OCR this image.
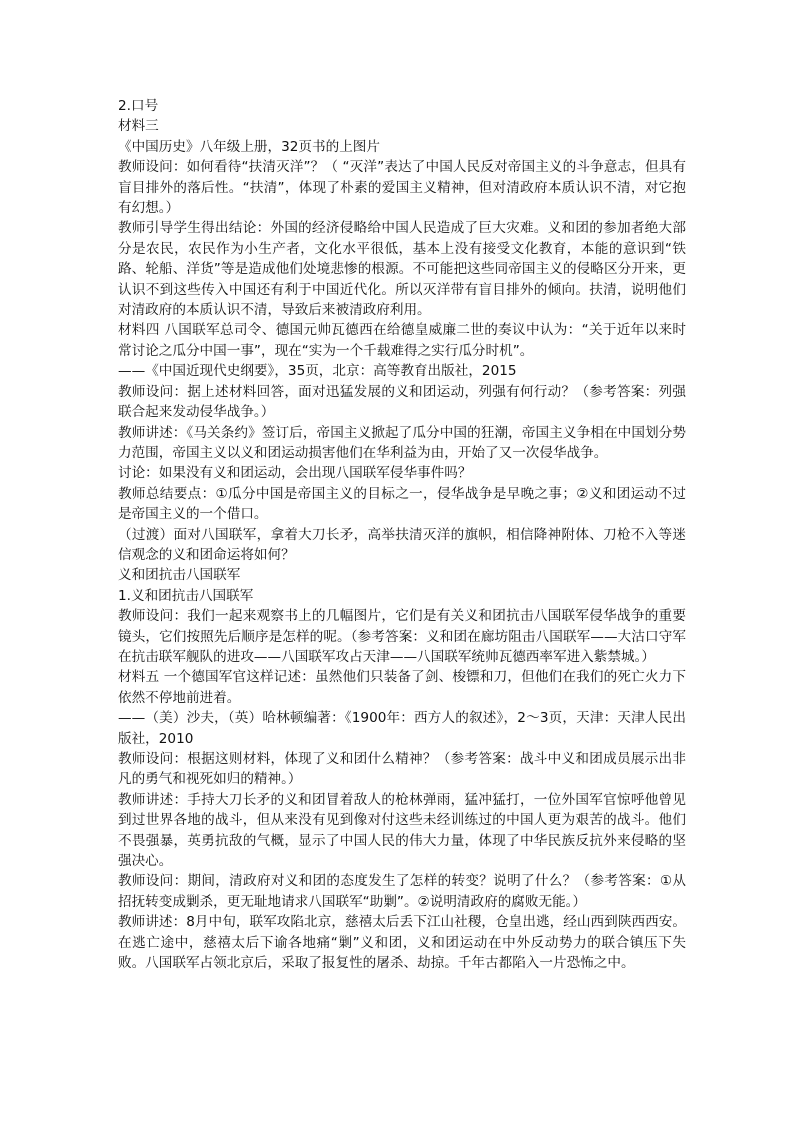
2.口号

材料三

《中国历史》八年级上册，32页书的上图片

教师设问：如何看待“扶清灭洋”？（ “灭洋”表达了中国人民反对帝国主义的斗争意志，但具有盲目排外的落后性。“扶清”，体现了朴素的爱国主义精神，但对清政府本质认识不清，对它抱有幻想。）

教师引导学生得出结论：外国的经济侵略给中国人民造成了巨大灾难。义和团的参加者绝大部分是农民，农民作为小生产者，文化水平很低，基本上没有接受文化教育，本能的意识到“铁路、轮船、洋货”等是造成他们处境悲惨的根源。不可能把这些同帝国主义的侵略区分开来，更认识不到这些传入中国还有利于中国近代化。所以灭洋带有盲目排外的倾向。扶清，说明他们对清政府的本质认识不清，导致后来被清政府利用。

材料四 八国联军总司令、德国元帅瓦德西在给德皇威廉二世的奏议中认为：“关于近年以来时常讨论之瓜分中国一事”，现在“实为一个千载难得之实行瓜分时机”。

——《中国近现代史纲要》，35页，北京：高等教育出版社，2015

教师设问：据上述材料回答，面对迅猛发展的义和团运动，列强有何行动？（参考答案：列强联合起来发动侵华战争。）

教师讲述：《马关条约》签订后，帝国主义掀起了瓜分中国的狂潮，帝国主义争相在中国划分势力范围，帝国主义以义和团运动损害他们在华利益为由，开始了又一次侵华战争。

讨论：如果没有义和团运动，会出现八国联军侵华事件吗？

教师总结要点：①瓜分中国是帝国主义的目标之一，侵华战争是早晚之事；②义和团运动不过是帝国主义的一个借口。

（过渡）面对八国联军，拿着大刀长矛，高举扶清灭洋的旗帜，相信降神附体、刀枪不入等迷信观念的义和团命运将如何？

义和团抗击八国联军

1.义和团抗击八国联军

教师设问：我们一起来观察书上的几幅图片，它们是有关义和团抗击八国联军侵华战争的重要镜头，它们按照先后顺序是怎样的呢。（参考答案：义和团在廊坊阻击八国联军——大沽口守军在抗击联军舰队的进攻——八国联军攻占天津——八国联军统帅瓦德西率军进入紫禁城。）

材料五 一个德国军官这样记述：虽然他们只装备了剑、梭镖和刀，但他们在我们的死亡火力下依然不停地前进着。

——（美）沙夫，（英）哈林顿编著：《1900年：西方人的叙述》，2～3页，天津：天津人民出版社，2010

教师设问：根据这则材料，体现了义和团什么精神？（参考答案：战斗中义和团成员展示出非凡的勇气和视死如归的精神。）

教师讲述：手持大刀长矛的义和团冒着敌人的枪林弹雨，猛冲猛打，一位外国军官惊呼他曾见到过世界各地的战斗，但从来没有见到像对付这些未经训练过的中国人更为艰苦的战斗。他们不畏强暴，英勇抗敌的气概，显示了中国人民的伟大力量，体现了中华民族反抗外来侵略的坚强决心。

教师设问：期间，清政府对义和团的态度发生了怎样的转变？说明了什么？（参考答案：①从招抚转变成剿杀，更无耻地请求八国联军“助剿”。②说明清政府的腐败无能。）

教师讲述：8月中旬，联军攻陷北京，慈禧太后丢下江山社稷，仓皇出逃，经山西到陕西西安。在逃亡途中，慈禧太后下谕各地痛“剿”义和团，义和团运动在中外反动势力的联合镇压下失败。八国联军占领北京后，采取了报复性的屠杀、劫掠。千年古都陷入一片恐怖之中。
